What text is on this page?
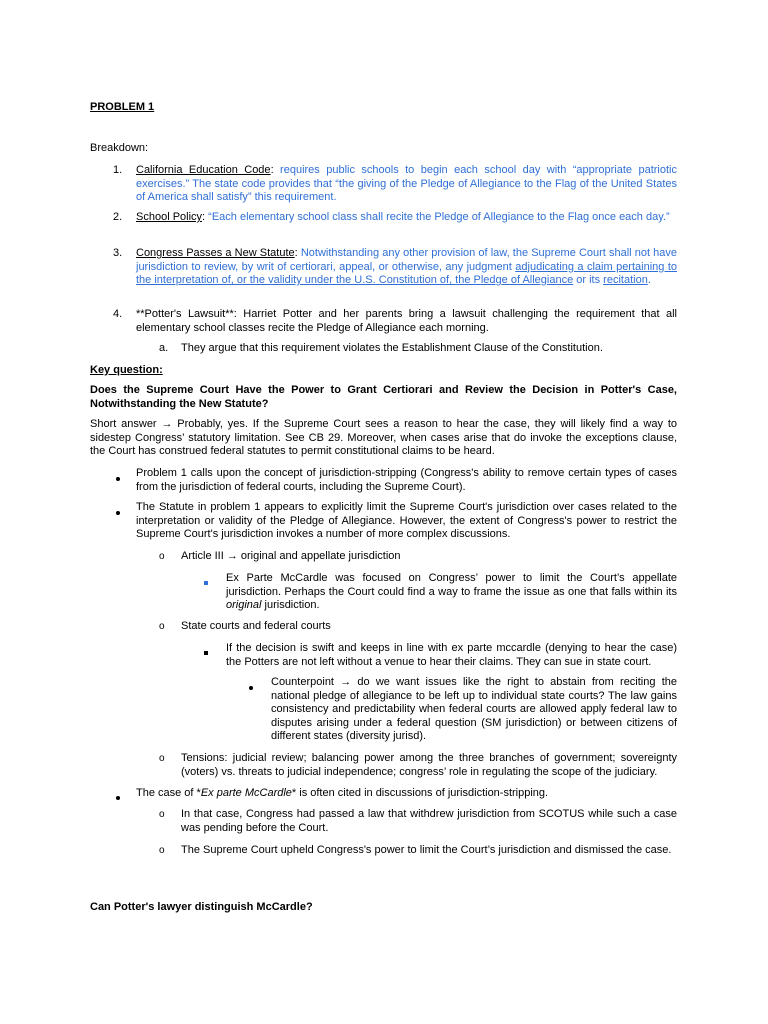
PROBLEM 1
Breakdown:
1. California Education Code: requires public schools to begin each school day with “appropriate patriotic exercises.” The state code provides that “the giving of the Pledge of Allegiance to the Flag of the United States of America shall satisfy” this requirement.
2. School Policy: “Each elementary school class shall recite the Pledge of Allegiance to the Flag once each day.”
3. Congress Passes a New Statute: Notwithstanding any other provision of law, the Supreme Court shall not have jurisdiction to review, by writ of certiorari, appeal, or otherwise, any judgment adjudicating a claim pertaining to the interpretation of, or the validity under the U.S. Constitution of, the Pledge of Allegiance or its recitation.
4. **Potter's Lawsuit**: Harriet Potter and her parents bring a lawsuit challenging the requirement that all elementary school classes recite the Pledge of Allegiance each morning.
a. They argue that this requirement violates the Establishment Clause of the Constitution.
Key question:
Does the Supreme Court Have the Power to Grant Certiorari and Review the Decision in Potter's Case, Notwithstanding the New Statute?
Short answer → Probably, yes. If the Supreme Court sees a reason to hear the case, they will likely find a way to sidestep Congress’ statutory limitation. See CB 29. Moreover, when cases arise that do invoke the exceptions clause, the Court has construed federal statutes to permit constitutional claims to be heard.
Problem 1 calls upon the concept of jurisdiction-stripping (Congress's ability to remove certain types of cases from the jurisdiction of federal courts, including the Supreme Court).
The Statute in problem 1 appears to explicitly limit the Supreme Court's jurisdiction over cases related to the interpretation or validity of the Pledge of Allegiance. However, the extent of Congress's power to restrict the Supreme Court's jurisdiction invokes a number of more complex discussions.
o Article III → original and appellate jurisdiction
Ex Parte McCardle was focused on Congress’ power to limit the Court’s appellate jurisdiction. Perhaps the Court could find a way to frame the issue as one that falls within its original jurisdiction.
o State courts and federal courts
If the decision is swift and keeps in line with ex parte mccardle (denying to hear the case) the Potters are not left without a venue to hear their claims. They can sue in state court.
Counterpoint → do we want issues like the right to abstain from reciting the national pledge of allegiance to be left up to individual state courts? The law gains consistency and predictability when federal courts are allowed apply federal law to disputes arising under a federal question (SM jurisdiction) or between citizens of different states (diversity jurisd).
o Tensions: judicial review; balancing power among the three branches of government; sovereignty (voters) vs. threats to judicial independence; congress’ role in regulating the scope of the judiciary.
The case of *Ex parte McCardle* is often cited in discussions of jurisdiction-stripping.
o In that case, Congress had passed a law that withdrew jurisdiction from SCOTUS while such a case was pending before the Court.
o The Supreme Court upheld Congress's power to limit the Court’s jurisdiction and dismissed the case.
Can Potter's lawyer distinguish McCardle?
